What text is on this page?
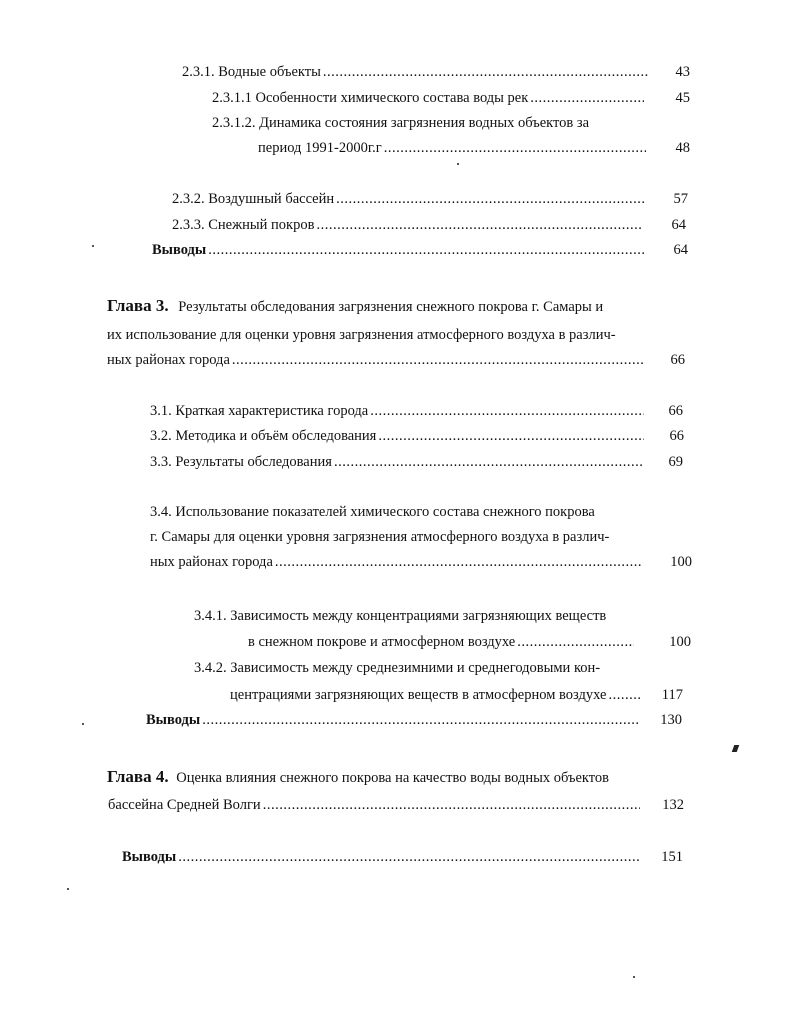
2.3.1. Водные объекты .....	43
2.3.1.1 Особенности химического состава воды рек .....	45
2.3.1.2. Динамика состояния загрязнения водных объектов за
период 1991-2000г.г .....	48
2.3.2. Воздушный бассейн .....	57
2.3.3. Снежный покров .....	64
Выводы .....	64
Глава 3. Результаты обследования загрязнения снежного покрова г. Самары и
их использование для оценки уровня загрязнения атмосферного воздуха в различ-
ных районах города .....	66
3.1. Краткая характеристика города .....	66
3.2. Методика и объём обследования .....	66
3.3. Результаты обследования .....	69
3.4. Использование показателей химического состава снежного покрова
г. Самары для оценки уровня загрязнения атмосферного воздуха в различ-
ных районах города .....	100
3.4.1. Зависимость между концентрациями загрязняющих веществ
в снежном покрове и атмосферном воздухе .....	100
3.4.2. Зависимость между среднезимними и среднегодовыми кон-
центрациями загрязняющих веществ в атмосферном воздухе .....	117
Выводы .....	130
Глава 4. Оценка влияния снежного покрова на качество воды водных объектов
бассейна Средней Волги .....	132
Выводы .....	151
